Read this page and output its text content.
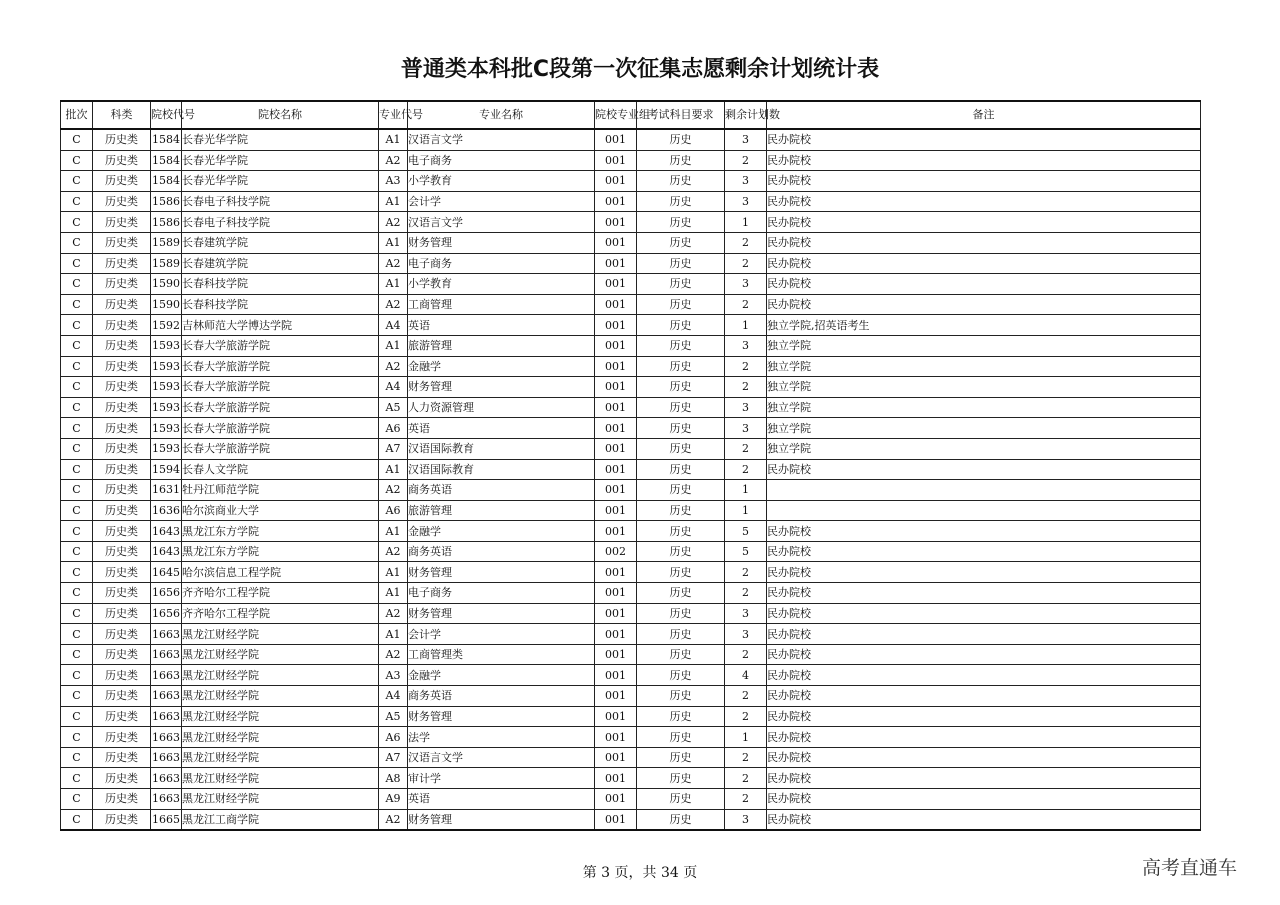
普通类本科批C段第一次征集志愿剩余计划统计表
批次	科类	院校代号	院校名称	专业代号	专业名称	院校专业组	考试科目要求	剩余计划数	备注
C	历史类	1584	长春光华学院	A1	汉语言文学	001	历史	3	民办院校
C	历史类	1584	长春光华学院	A2	电子商务	001	历史	2	民办院校
C	历史类	1584	长春光华学院	A3	小学教育	001	历史	3	民办院校
C	历史类	1586	长春电子科技学院	A1	会计学	001	历史	3	民办院校
C	历史类	1586	长春电子科技学院	A2	汉语言文学	001	历史	1	民办院校
C	历史类	1589	长春建筑学院	A1	财务管理	001	历史	2	民办院校
C	历史类	1589	长春建筑学院	A2	电子商务	001	历史	2	民办院校
C	历史类	1590	长春科技学院	A1	小学教育	001	历史	3	民办院校
C	历史类	1590	长春科技学院	A2	工商管理	001	历史	2	民办院校
C	历史类	1592	吉林师范大学博达学院	A4	英语	001	历史	1	独立学院,招英语考生
C	历史类	1593	长春大学旅游学院	A1	旅游管理	001	历史	3	独立学院
C	历史类	1593	长春大学旅游学院	A2	金融学	001	历史	2	独立学院
C	历史类	1593	长春大学旅游学院	A4	财务管理	001	历史	2	独立学院
C	历史类	1593	长春大学旅游学院	A5	人力资源管理	001	历史	3	独立学院
C	历史类	1593	长春大学旅游学院	A6	英语	001	历史	3	独立学院
C	历史类	1593	长春大学旅游学院	A7	汉语国际教育	001	历史	2	独立学院
C	历史类	1594	长春人文学院	A1	汉语国际教育	001	历史	2	民办院校
C	历史类	1631	牡丹江师范学院	A2	商务英语	001	历史	1	
C	历史类	1636	哈尔滨商业大学	A6	旅游管理	001	历史	1	
C	历史类	1643	黑龙江东方学院	A1	金融学	001	历史	5	民办院校
C	历史类	1643	黑龙江东方学院	A2	商务英语	002	历史	5	民办院校
C	历史类	1645	哈尔滨信息工程学院	A1	财务管理	001	历史	2	民办院校
C	历史类	1656	齐齐哈尔工程学院	A1	电子商务	001	历史	2	民办院校
C	历史类	1656	齐齐哈尔工程学院	A2	财务管理	001	历史	3	民办院校
C	历史类	1663	黑龙江财经学院	A1	会计学	001	历史	3	民办院校
C	历史类	1663	黑龙江财经学院	A2	工商管理类	001	历史	2	民办院校
C	历史类	1663	黑龙江财经学院	A3	金融学	001	历史	4	民办院校
C	历史类	1663	黑龙江财经学院	A4	商务英语	001	历史	2	民办院校
C	历史类	1663	黑龙江财经学院	A5	财务管理	001	历史	2	民办院校
C	历史类	1663	黑龙江财经学院	A6	法学	001	历史	1	民办院校
C	历史类	1663	黑龙江财经学院	A7	汉语言文学	001	历史	2	民办院校
C	历史类	1663	黑龙江财经学院	A8	审计学	001	历史	2	民办院校
C	历史类	1663	黑龙江财经学院	A9	英语	001	历史	2	民办院校
C	历史类	1665	黑龙江工商学院	A2	财务管理	001	历史	3	民办院校
第 3 页，共 34 页	高考直通车
